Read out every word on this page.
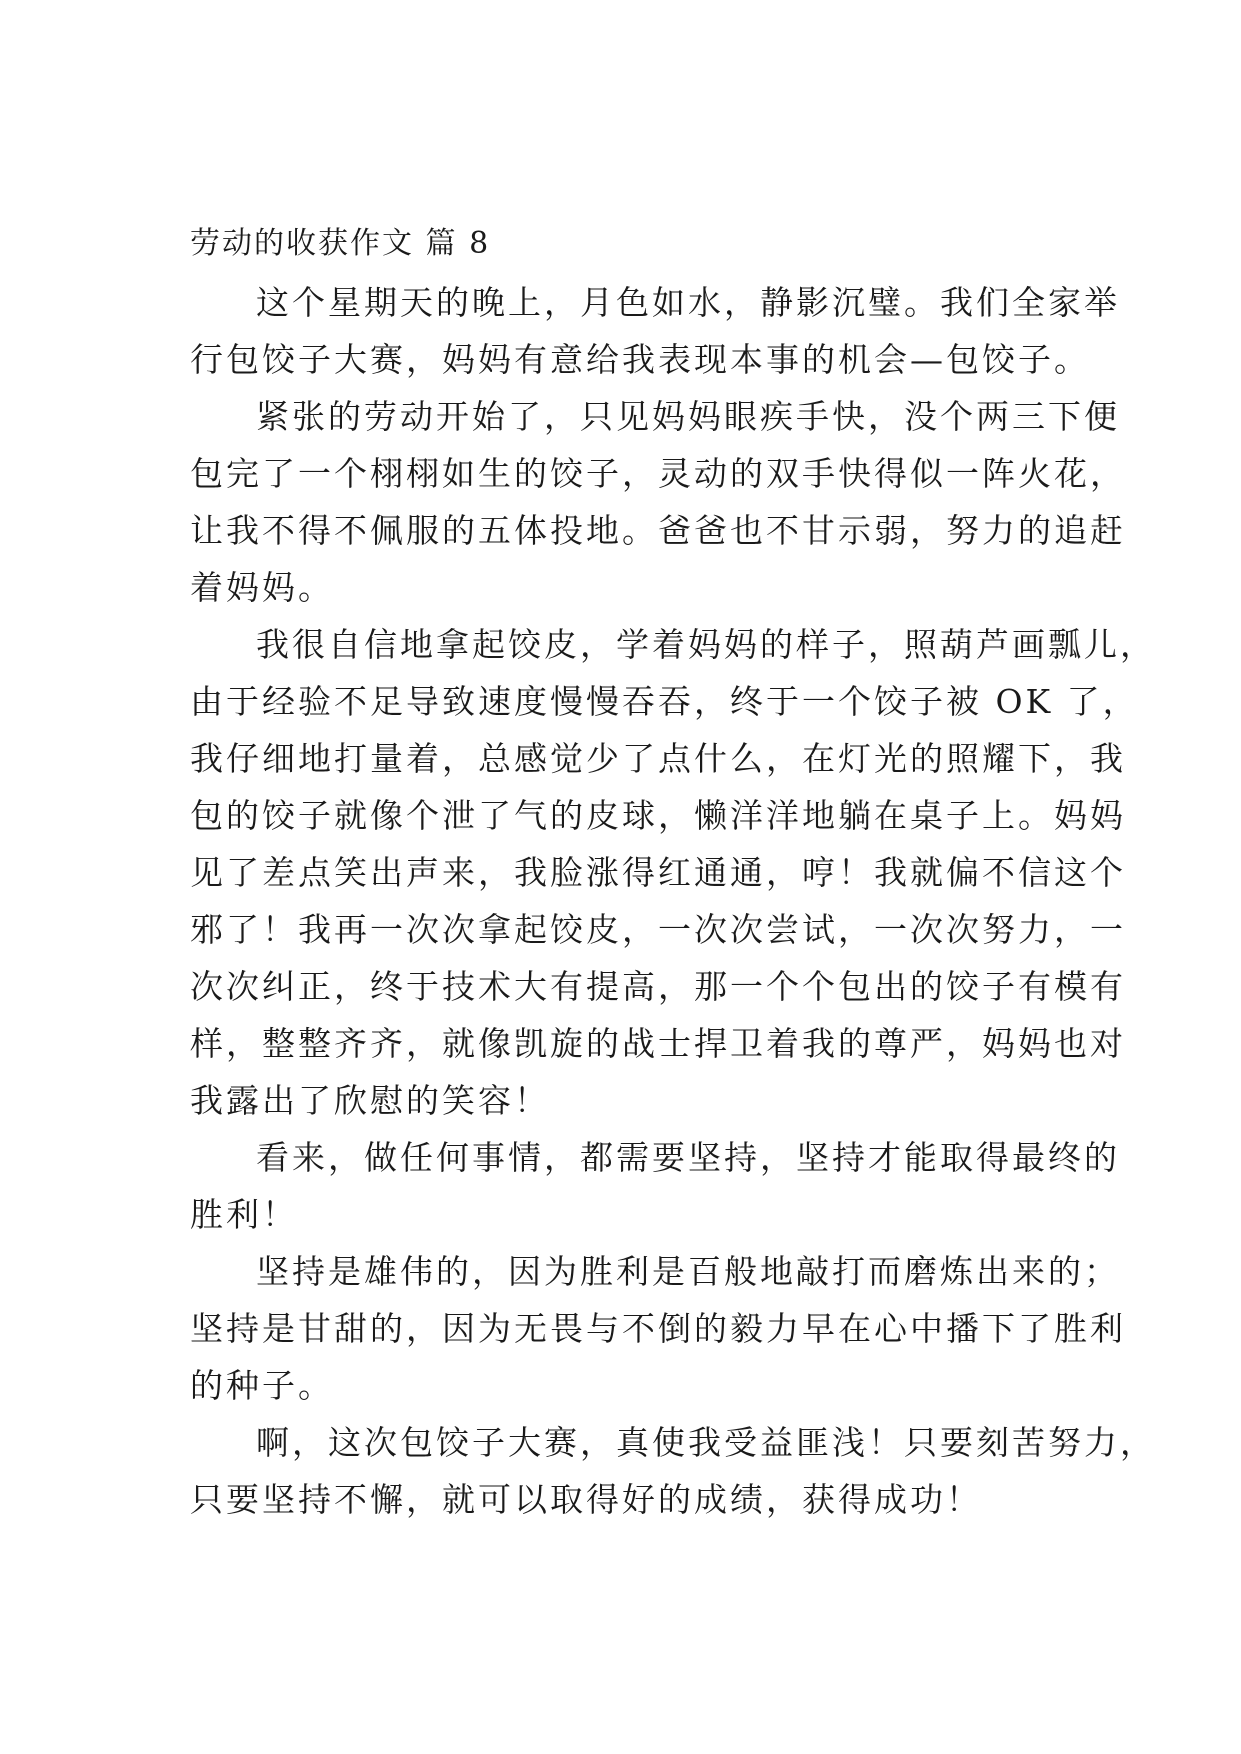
劳动的收获作文 篇 8
这个星期天的晚上，月色如水，静影沉璧。我们全家举
行包饺子大赛，妈妈有意给我表现本事的机会—包饺子。
紧张的劳动开始了，只见妈妈眼疾手快，没个两三下便
包完了一个栩栩如生的饺子，灵动的双手快得似一阵火花，
让我不得不佩服的五体投地。爸爸也不甘示弱，努力的追赶
着妈妈。
我很自信地拿起饺皮，学着妈妈的样子，照葫芦画瓢儿，
由于经验不足导致速度慢慢吞吞，终于一个饺子被 OK 了，
我仔细地打量着，总感觉少了点什么，在灯光的照耀下，我
包的饺子就像个泄了气的皮球，懒洋洋地躺在桌子上。妈妈
见了差点笑出声来，我脸涨得红通通，哼！我就偏不信这个
邪了！我再一次次拿起饺皮，一次次尝试，一次次努力，一
次次纠正，终于技术大有提高，那一个个包出的饺子有模有
样，整整齐齐，就像凯旋的战士捍卫着我的尊严，妈妈也对
我露出了欣慰的笑容！
看来，做任何事情，都需要坚持，坚持才能取得最终的
胜利！
坚持是雄伟的，因为胜利是百般地敲打而磨炼出来的；
坚持是甘甜的，因为无畏与不倒的毅力早在心中播下了胜利
的种子。
啊，这次包饺子大赛，真使我受益匪浅！只要刻苦努力，
只要坚持不懈，就可以取得好的成绩，获得成功！
